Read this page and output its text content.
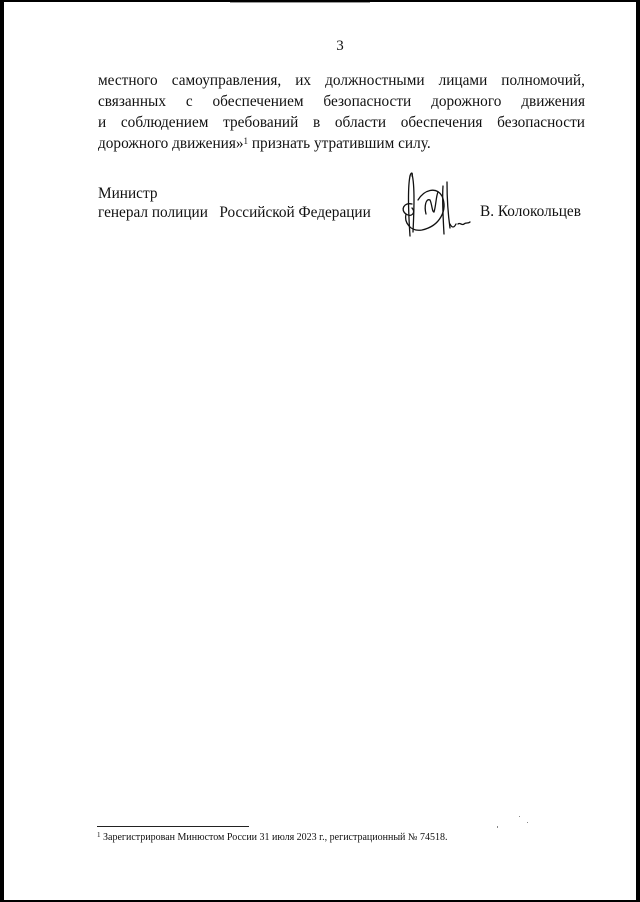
3
местного самоуправления, их должностными лицами полномочий,
связанных с обеспечением безопасности дорожного движения
и соблюдением требований в области обеспечения безопасности
дорожного движения»$^1$ признать утратившим силу.
Министр
генерал полиции   Российской Федерации	В. Колокольцев
$^1$ Зарегистрирован Минюстом России 31 июля 2023 г., регистрационный № 74518.
